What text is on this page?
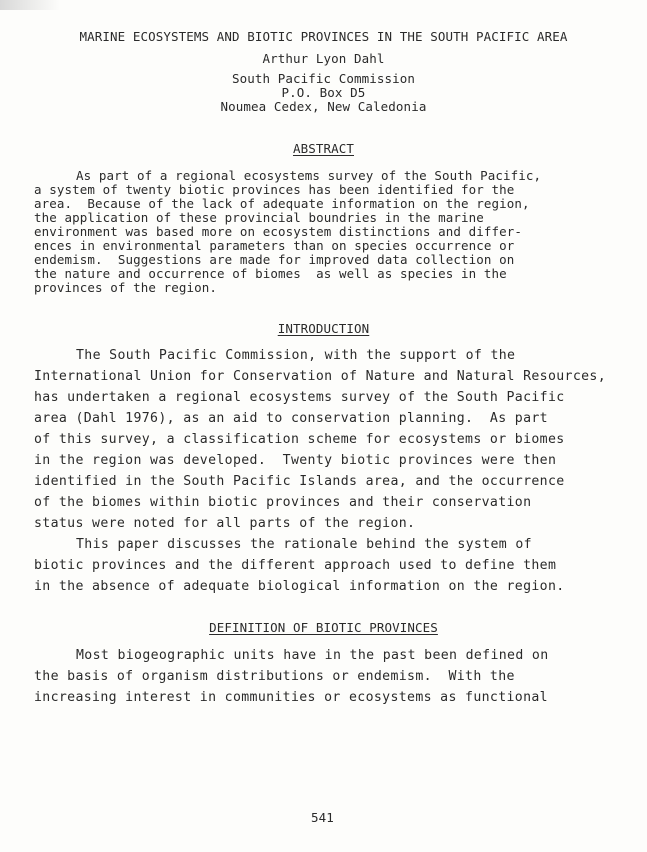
MARINE ECOSYSTEMS AND BIOTIC PROVINCES IN THE SOUTH PACIFIC AREA
Arthur Lyon Dahl
South Pacific Commission
P.O. Box D5
Noumea Cedex, New Caledonia
ABSTRACT
As part of a regional ecosystems survey of the South Pacific,
a system of twenty biotic provinces has been identified for the
area.  Because of the lack of adequate information on the region,
the application of these provincial boundries in the marine
environment was based more on ecosystem distinctions and differ-
ences in environmental parameters than on species occurrence or
endemism.  Suggestions are made for improved data collection on
the nature and occurrence of biomes  as well as species in the
provinces of the region.
INTRODUCTION
The South Pacific Commission, with the support of the
International Union for Conservation of Nature and Natural Resources,
has undertaken a regional ecosystems survey of the South Pacific
area (Dahl 1976), as an aid to conservation planning.  As part
of this survey, a classification scheme for ecosystems or biomes
in the region was developed.  Twenty biotic provinces were then
identified in the South Pacific Islands area, and the occurrence
of the biomes within biotic provinces and their conservation
status were noted for all parts of the region.
This paper discusses the rationale behind the system of
biotic provinces and the different approach used to define them
in the absence of adequate biological information on the region.
DEFINITION OF BIOTIC PROVINCES
Most biogeographic units have in the past been defined on
the basis of organism distributions or endemism.  With the
increasing interest in communities or ecosystems as functional
541
